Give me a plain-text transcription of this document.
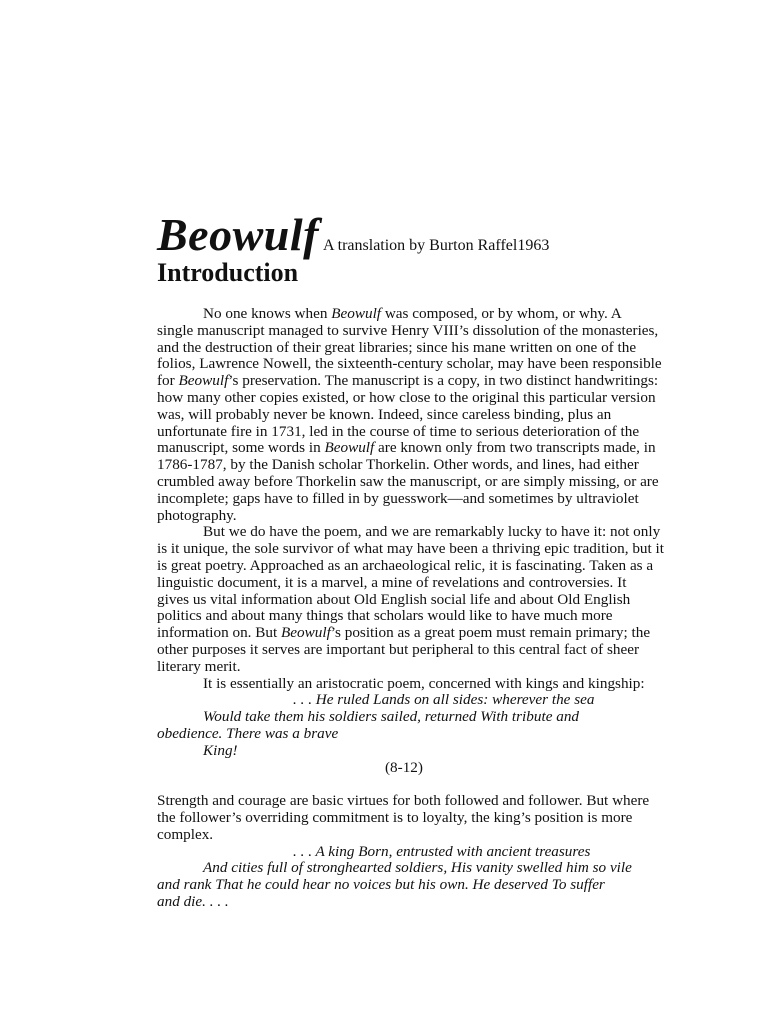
Beowulf A translation by Burton Raffel1963
Introduction
No one knows when Beowulf was composed, or by whom, or why. A
single manuscript managed to survive Henry VIII’s dissolution of the monasteries,
and the destruction of their great libraries; since his mane written on one of the
folios, Lawrence Nowell, the sixteenth-century scholar, may have been responsible
for Beowulf’s preservation. The manuscript is a copy, in two distinct handwritings:
how many other copies existed, or how close to the original this particular version
was, will probably never be known. Indeed, since careless binding, plus an
unfortunate fire in 1731, led in the course of time to serious deterioration of the
manuscript, some words in Beowulf are known only from two transcripts made, in
1786-1787, by the Danish scholar Thorkelin. Other words, and lines, had either
crumbled away before Thorkelin saw the manuscript, or are simply missing, or are
incomplete; gaps have to filled in by guesswork—and sometimes by ultraviolet
photography.
But we do have the poem, and we are remarkably lucky to have it: not only
is it unique, the sole survivor of what may have been a thriving epic tradition, but it
is great poetry. Approached as an archaeological relic, it is fascinating. Taken as a
linguistic document, it is a marvel, a mine of revelations and controversies. It
gives us vital information about Old English social life and about Old English
politics and about many things that scholars would like to have much more
information on. But Beowulf’s position as a great poem must remain primary; the
other purposes it serves are important but peripheral to this central fact of sheer
literary merit.
It is essentially an aristocratic poem, concerned with kings and kingship:
. . . He ruled Lands on all sides: wherever the sea
Would take them his soldiers sailed, returned With tribute and
obedience. There was a brave
King!
(8-12)
Strength and courage are basic virtues for both followed and follower. But where
the follower’s overriding commitment is to loyalty, the king’s position is more
complex.
. . . A king Born, entrusted with ancient treasures
And cities full of stronghearted soldiers, His vanity swelled him so vile
and rank That he could hear no voices but his own. He deserved To suffer
and die. . . .
